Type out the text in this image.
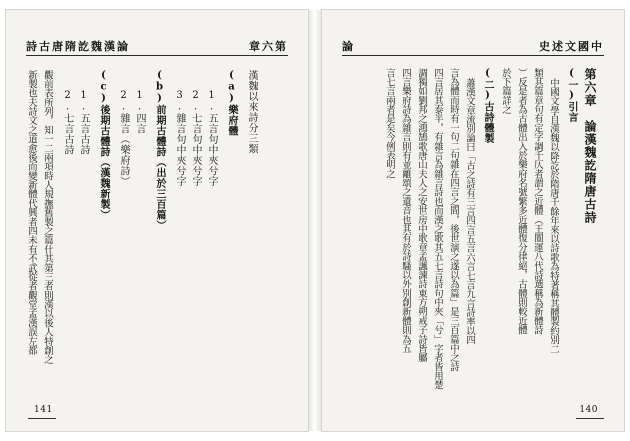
詩古唐隋訖魏漢論	章六第
漢魏以來詩分三類
(a)樂府體
1.五言句中夾兮字
2.七言句中夾兮字
3.雜言句中夾兮字
(b)前期古體詩（出於三百篇）
1.四言
2.雜言（樂府詩）
(c)後期古體詩（漢魏新製）
1.五言古詩
2.七言古詩
觀前表所列，知一二兩項時人規撫舊製之篇什其第三者則漢以後人特創之
新製也夫詩文之道愈後而變新體代興者四未有不武從者觀堂孟漢誤左都
141
論	史述文國中
第六章　論漢魏訖隋唐古詩
(一)引言
中國文學自漢魏以降訖於隋唐千餘年來以詩歌為特著稱其體製約別二
類其篇章句有定字調千仄者謂之近體（王闓運八代詩選稱為新體詩
）反是者為古體出入於樂府名號繁多近體復分律絕，古體則較近體
於下篇詳之
(二)古詩體製
蕭漢文章流別論曰「古之詩有三言四言五言六言七言九言詩率以四
言為體而時有一句二句雜在四言之間，後世演之遂以為篇」是三百篇中之詩
四言居其泰半，有雜言為雜言詩也而漢之歌其五七言詩句中夾「兮」字者皆用楚
調獨如劉邦之鴻鵠歌唐山夫人之安世房中歌章孟諷諫詩東方朔戒子詩皆屬
四言樂府詩為雜言則有並離頌之遺音也其有於詩騷以外別創新體則為五
言七言兩者是矣今例表明之
140
